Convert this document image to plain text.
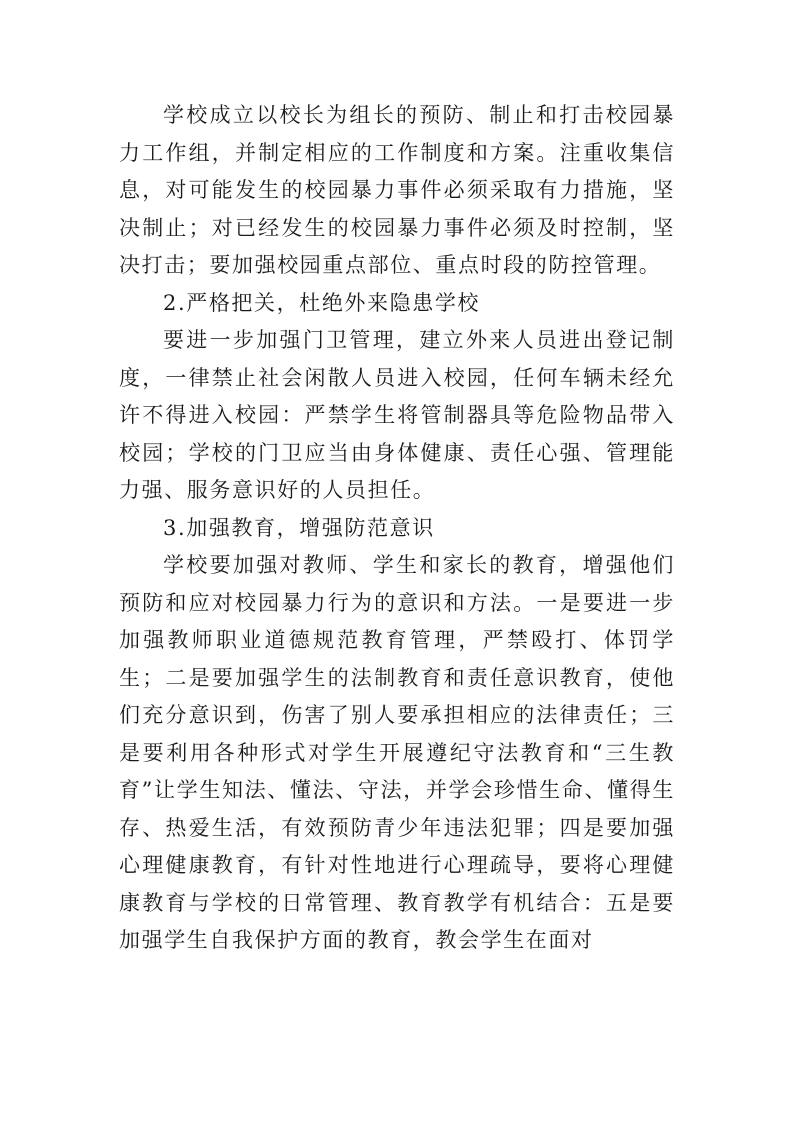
学校成立以校长为组长的预防、制止和打击校园暴力工作组，并制定相应的工作制度和方案。注重收集信息，对可能发生的校园暴力事件必须采取有力措施，坚决制止；对已经发生的校园暴力事件必须及时控制，坚决打击；要加强校园重点部位、重点时段的防控管理。

2.严格把关，杜绝外来隐患学校

要进一步加强门卫管理，建立外来人员进出登记制度，一律禁止社会闲散人员进入校园，任何车辆未经允许不得进入校园：严禁学生将管制器具等危险物品带入校园；学校的门卫应当由身体健康、责任心强、管理能力强、服务意识好的人员担任。

3.加强教育，增强防范意识

学校要加强对教师、学生和家长的教育，增强他们预防和应对校园暴力行为的意识和方法。一是要进一步加强教师职业道德规范教育管理，严禁殴打、体罚学生；二是要加强学生的法制教育和责任意识教育，使他们充分意识到，伤害了别人要承担相应的法律责任；三是要利用各种形式对学生开展遵纪守法教育和“三生教育”让学生知法、懂法、守法，并学会珍惜生命、懂得生存、热爱生活，有效预防青少年违法犯罪；四是要加强心理健康教育，有针对性地进行心理疏导，要将心理健康教育与学校的日常管理、教育教学有机结合：五是要加强学生自我保护方面的教育，教会学生在面对
